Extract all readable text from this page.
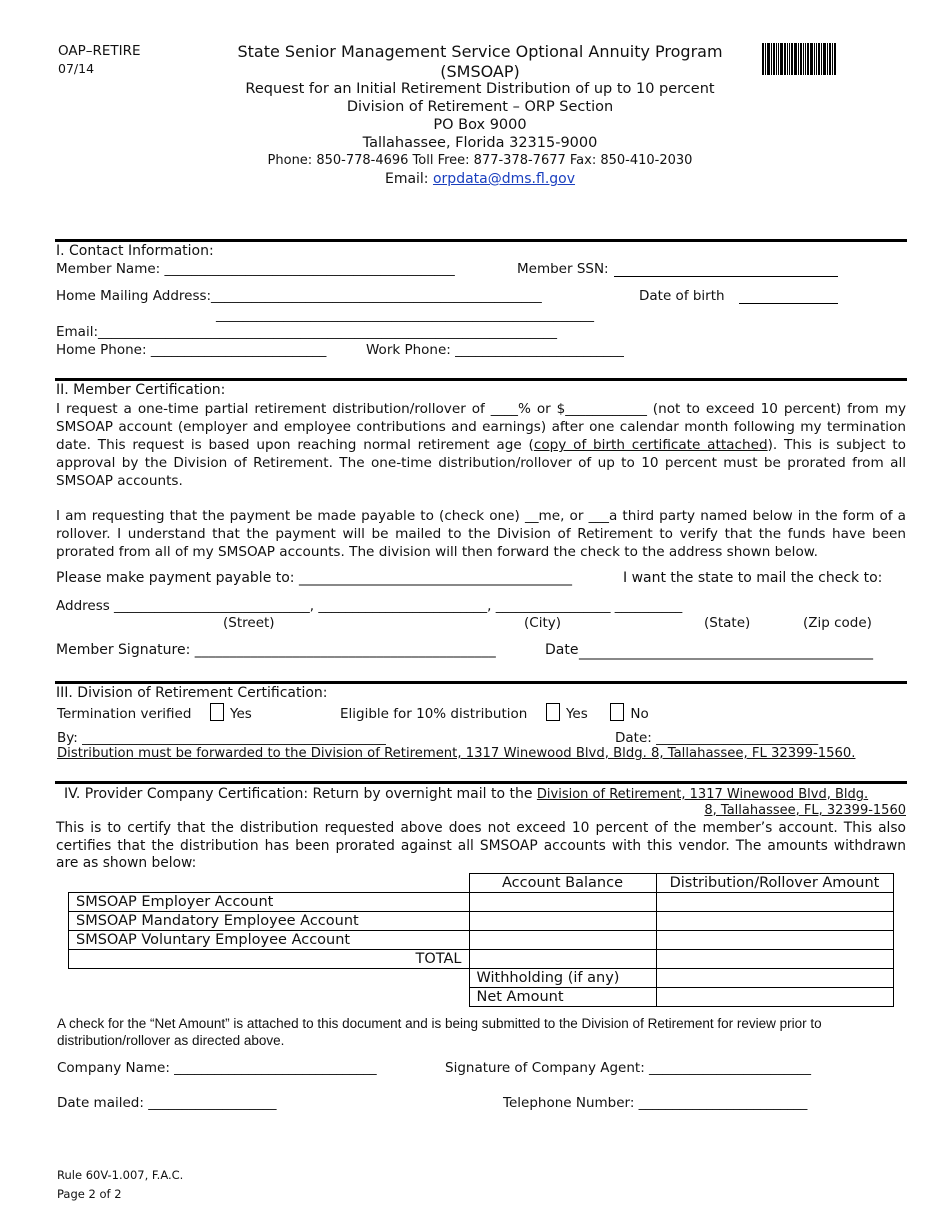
OAP–RETIRE
07/14
State Senior Management Service Optional Annuity Program
(SMSOAP)
Request for an Initial Retirement Distribution of up to 10 percent
Division of Retirement – ORP Section
PO Box 9000
Tallahassee, Florida 32315-9000
Phone: 850-778-4696 Toll Free: 877-378-7677 Fax: 850-410-2030
Email: orpdata@dms.fl.gov
I. Contact Information:
Member Name: ___________________________________________	Member SSN:
Home Mailing Address:_________________________________________________	Date of birth
________________________________________________________
Email:____________________________________________________________________
Home Phone: __________________________	Work Phone: _________________________
II. Member Certification:
I request a one-time partial retirement distribution/rollover of ____% or $____________ (not to exceed 10 percent) from my SMSOAP account (employer and employee contributions and earnings) after one calendar month following my termination date. This request is based upon reaching normal retirement age (copy of birth certificate attached). This is subject to approval by the Division of Retirement. The one-time distribution/rollover of up to 10 percent must be prorated from all SMSOAP accounts.
I am requesting that the payment be made payable to (check one) __me, or ___a third party named below in the form of a rollover. I understand that the payment will be mailed to the Division of Retirement to verify that the funds have been prorated from all of my SMSOAP accounts. The division will then forward the check to the address shown below.
Please make payment payable to: _______________________________________	I want the state to mail the check to:
Address _____________________________, _________________________, _________________ __________
(Street)	(City)	(State)	(Zip code)
Member Signature: ___________________________________________	Date __________________________________________
III. Division of Retirement Certification:
Termination verified	Yes	Eligible for 10% distribution	Yes	No
By: _____________________________________________	Date: ________________________
Distribution must be forwarded to the Division of Retirement, 1317 Winewood Blvd, Bldg. 8, Tallahassee, FL 32399-1560.
IV. Provider Company Certification: Return by overnight mail to the Division of Retirement, 1317 Winewood Blvd, Bldg.
8, Tallahassee, FL, 32399-1560
This is to certify that the distribution requested above does not exceed 10 percent of the member’s account. This also certifies that the distribution has been prorated against all SMSOAP accounts with this vendor. The amounts withdrawn are as shown below:
	Account Balance	Distribution/Rollover Amount
SMSOAP Employer Account		
SMSOAP Mandatory Employee Account		
SMSOAP Voluntary Employee Account		
TOTAL		
	Withholding (if any)	
	Net Amount	
A check for the “Net Amount” is attached to this document and is being submitted to the Division of Retirement for review prior to distribution/rollover as directed above.
Company Name: ______________________________	Signature of Company Agent: ________________________
Date mailed: ___________________	Telephone Number: _________________________
Rule 60V-1.007, F.A.C.
Page 2 of 2
